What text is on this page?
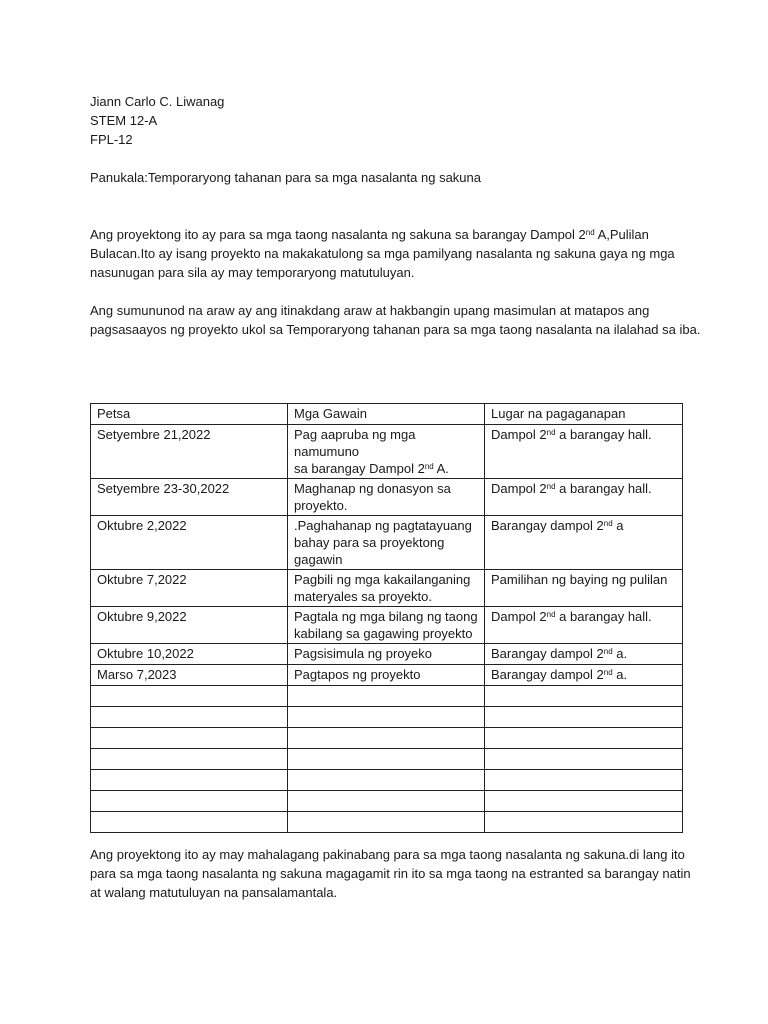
Jiann Carlo C. Liwanag

STEM 12-A

FPL-12

Panukala:Temporaryong tahanan para sa mga nasalanta ng sakuna

Ang proyektong ito ay para sa mga taong nasalanta ng sakuna sa barangay Dampol 2nd A,Pulilan

Bulacan.Ito ay isang proyekto na makakatulong sa mga pamilyang nasalanta ng sakuna gaya ng mga

nasunugan para sila ay may temporaryong matutuluyan.

Ang sumununod na araw ay ang itinakdang araw at hakbangin upang masimulan at matapos ang

pagsasaayos ng proyekto ukol sa Temporaryong tahanan para sa mga taong nasalanta na ilalahad sa iba.

Petsa	Mga Gawain	Lugar na pagaganapan
Setyembre 21,2022	Pag aapruba ng mga namumuno
sa barangay Dampol 2nd A.	Dampol 2nd a barangay hall.
Setyembre 23-30,2022	Maghanap ng donasyon sa
proyekto.	Dampol 2nd a barangay hall.
Oktubre 2,2022	.Paghahanap ng pagtatayuang
bahay para sa proyektong
gagawin	Barangay dampol 2nd a
Oktubre 7,2022	Pagbili ng mga kakailanganing
materyales sa proyekto.	Pamilihan ng baying ng pulilan
Oktubre 9,2022	Pagtala ng mga bilang ng taong
kabilang sa gagawing proyekto	Dampol 2nd a barangay hall.
Oktubre 10,2022	Pagsisimula ng proyeko	Barangay dampol 2nd a.
Marso 7,2023	Pagtapos ng proyekto	Barangay dampol 2nd a.

Ang proyektong ito ay may mahalagang pakinabang para sa mga taong nasalanta ng sakuna.di lang ito

para sa mga taong nasalanta ng sakuna magagamit rin ito sa mga taong na estranted sa barangay natin

at walang matutuluyan na pansalamantala.
